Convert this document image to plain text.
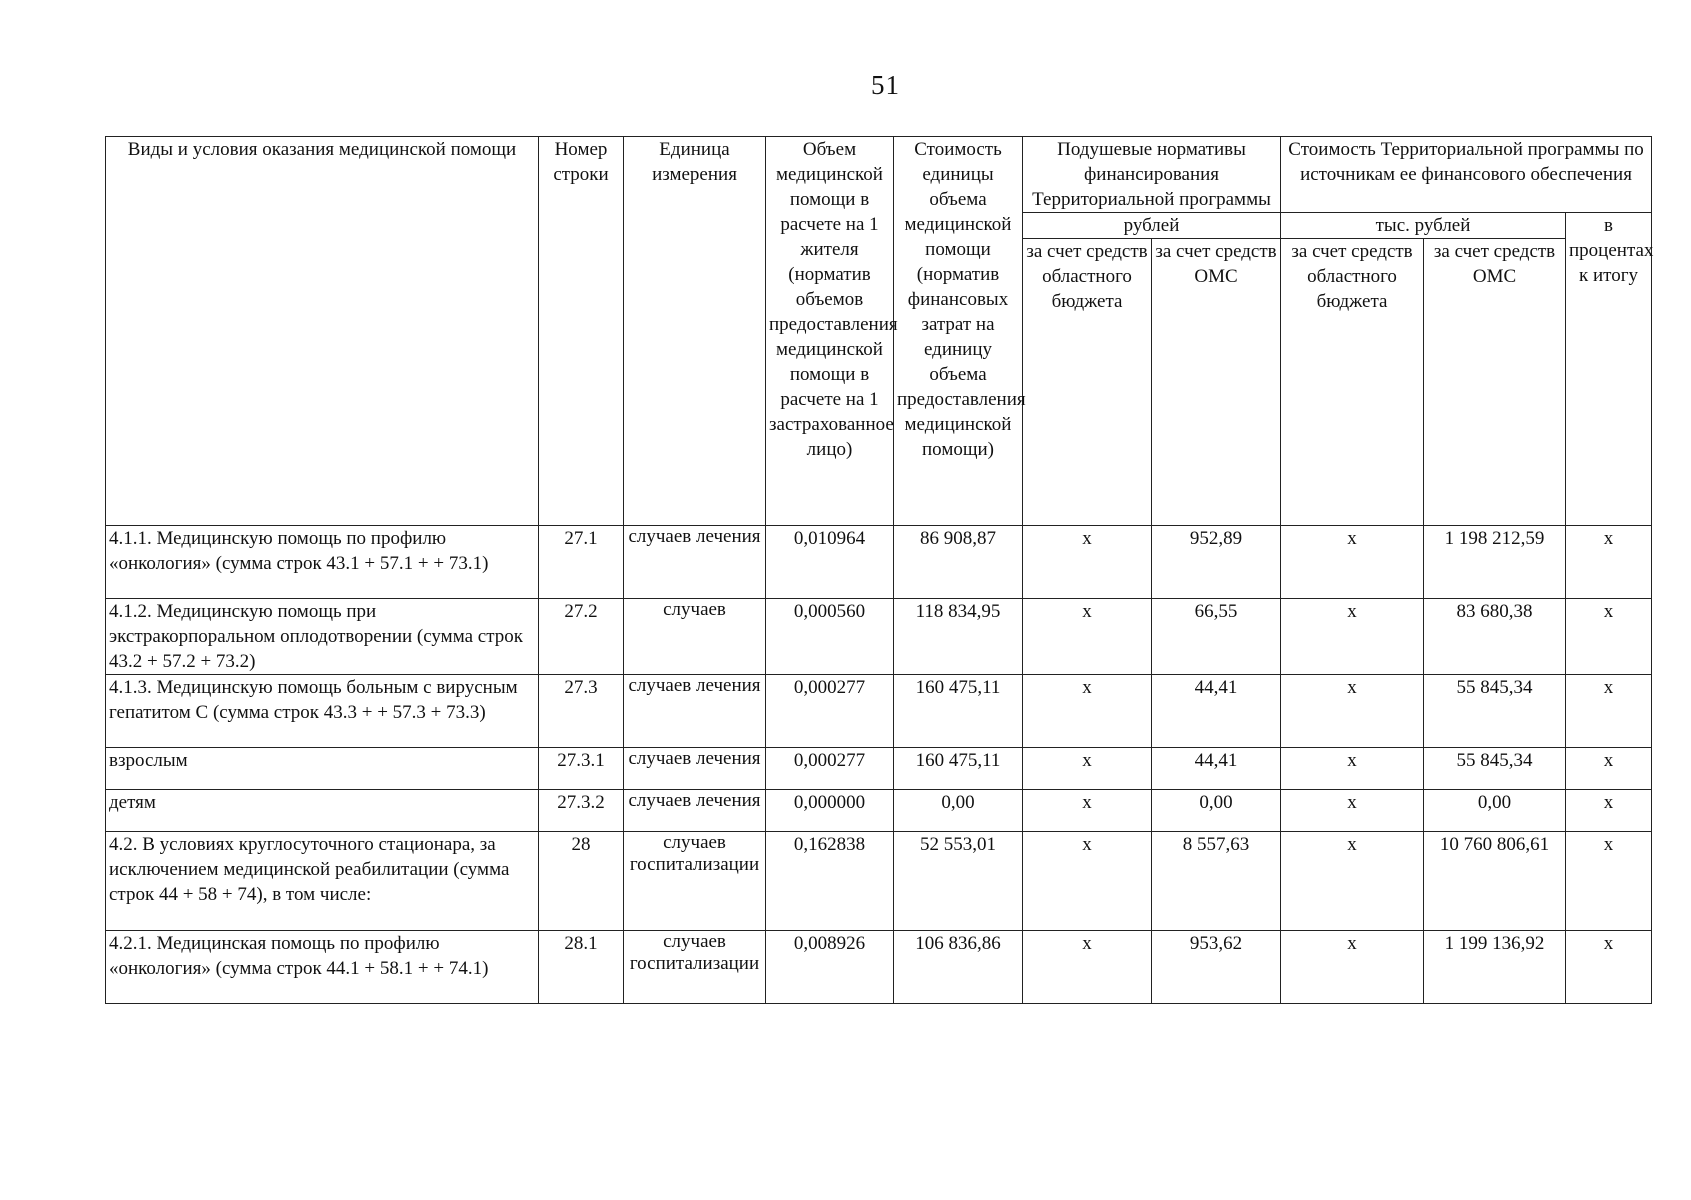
51
Виды и условия оказания медицинской помощи	Номер строки	Единица измерения	Объем медицинской помощи в расчете на 1 жителя (норматив объемов предоставления медицинской помощи в расчете на 1 застрахованное лицо)	Стоимость единицы объема медицинской помощи (норматив финансовых затрат на единицу объема предоставления медицинской помощи)	Подушевые нормативы финансирования Территориальной программы		Стоимость Территориальной программы по источникам ее финансового обеспечения		
					рублей		тыс. рублей		в процентах к итогу
					за счет средств областного бюджета	за счет средств ОМС	за счет средств областного бюджета	за счет средств ОМС	
4.1.1. Медицинскую помощь по профилю «онкология» (сумма строк 43.1 + 57.1 + + 73.1)	27.1	случаев лечения	0,010964	86 908,87	х	952,89	х	1 198 212,59	х
4.1.2. Медицинскую помощь при экстракорпоральном оплодотворении (сумма строк 43.2 + 57.2 + 73.2)	27.2	случаев	0,000560	118 834,95	х	66,55	х	83 680,38	х
4.1.3. Медицинскую помощь больным с вирусным гепатитом С (сумма строк 43.3 + + 57.3 + 73.3)	27.3	случаев лечения	0,000277	160 475,11	х	44,41	х	55 845,34	х
взрослым	27.3.1	случаев лечения	0,000277	160 475,11	х	44,41	х	55 845,34	х
детям	27.3.2	случаев лечения	0,000000	0,00	х	0,00	х	0,00	х
4.2. В условиях круглосуточного стационара, за исключением медицинской реабилитации (сумма строк 44 + 58 + 74), в том числе:	28	случаев госпитализации	0,162838	52 553,01	х	8 557,63	х	10 760 806,61	х
4.2.1. Медицинская помощь по профилю «онкология» (сумма строк 44.1 + 58.1 + + 74.1)	28.1	случаев госпитализации	0,008926	106 836,86	х	953,62	х	1 199 136,92	х
